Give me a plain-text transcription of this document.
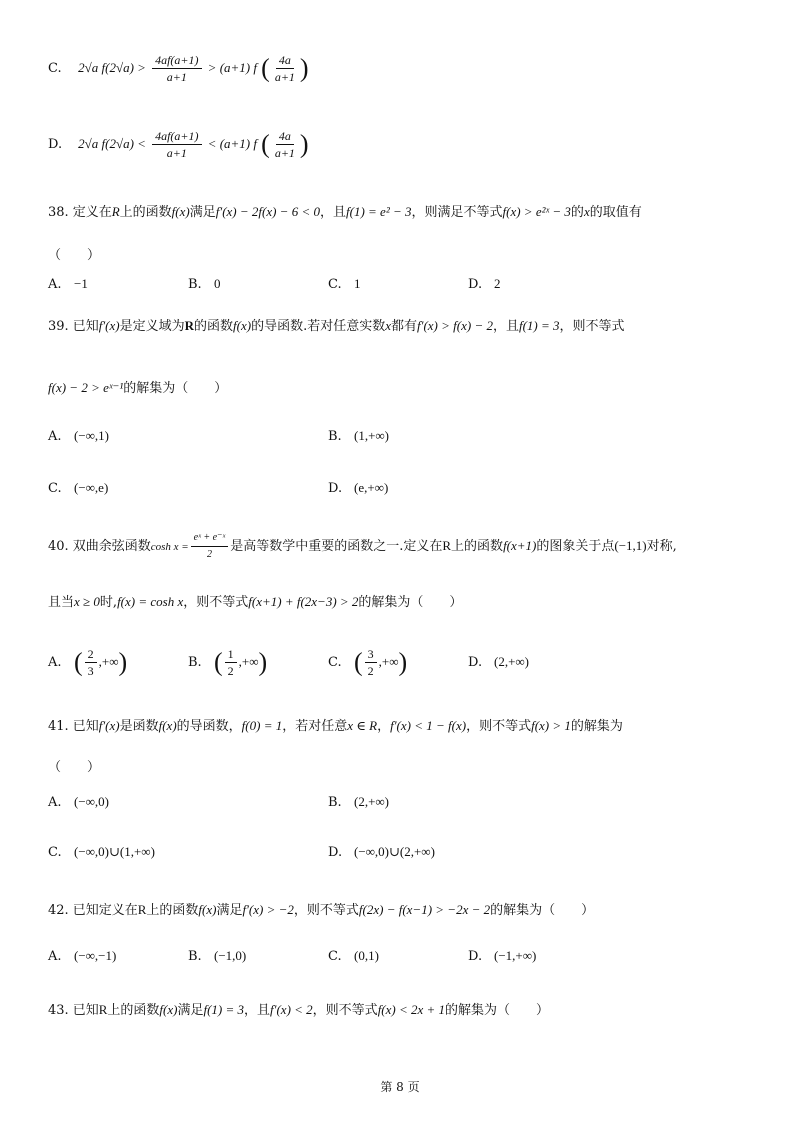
C. 2√a $f(2√a) > \frac{4af(a+1)}{a+1} > (a+1)$ f ( $\frac{4a}{a+1}$ )
D. 2√a $f(2√a) < \frac{4af(a+1)}{a+1} < (a+1)$ f ( $\frac{4a}{a+1}$ )
38. 定义在R上的函数f(x)满足f′(x) − 2f(x) − 6 < 0，且f(1) = e² − 3，则满足不等式f(x) > e²ˣ − 3的x的取值有
（　　）
A. −1	B. 0	C. 1	D. 2
39. 已知f′(x)是定义域为R的函数f(x)的导函数.若对任意实数x都有f′(x) > f(x) − 2，且f(1) = 3，则不等式
f(x) − 2 > eˣ⁻¹的解集为（　　）
A. (−∞,1)	B. (1,+∞)
C. (−∞,e)	D. (e,+∞)
40. 双曲余弦函数$\cosh x = \frac{\text{eˣ + e⁻ˣ}}{2}$ 是高等数学中重要的函数之一.定义在R上的函数f(x+1)的图象关于点(−1,1)对称,
且当x ≥ 0时,f(x) = cosh x，则不等式f(x+1) + f(2x−3) > 2的解集为（　　）
A. ( $\frac{2}{3}$ ,+∞)	B. ( $\frac{1}{2}$ ,+∞)	C. ( $\frac{3}{2}$ ,+∞)	D. (2,+∞)
41. 已知f′(x)是函数f(x)的导函数，f(0) = 1，若对任意x ∈ R，f′(x) < 1 − f(x)，则不等式f(x) > 1的解集为
（　　）
A. (−∞,0)	B. (2,+∞)
C. (−∞,0)∪(1,+∞)	D. (−∞,0)∪(2,+∞)
42. 已知定义在R上的函数f(x)满足f′(x) > −2，则不等式f(2x) − f(x−1) > −2x − 2的解集为（　　）
A. (−∞,−1)	B. (−1,0)	C. (0,1)	D. (−1,+∞)
43. 已知R上的函数f(x)满足f(1) = 3，且f′(x) < 2，则不等式f(x) < 2x + 1的解集为（　　）
第 8 页
